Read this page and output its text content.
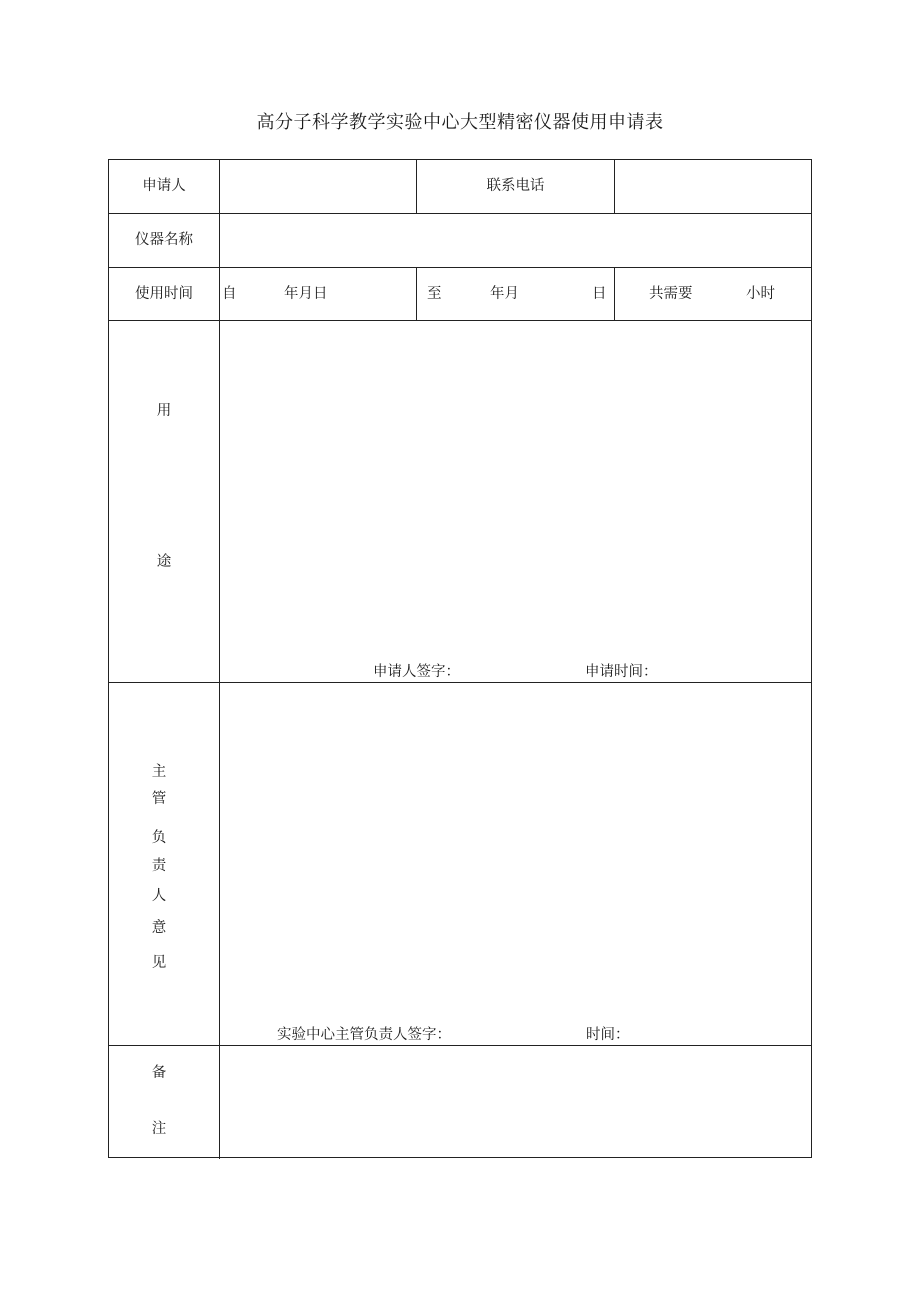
高分子科学教学实验中心大型精密仪器使用申请表
申请人	联系电话
仪器名称
使用时间	自	年月日	至	年月	日	共需要	小时
用
途
申请人签字：	申请时间：
主
管
负
责
人
意
见
实验中心主管负责人签字：	时间：
备
注
